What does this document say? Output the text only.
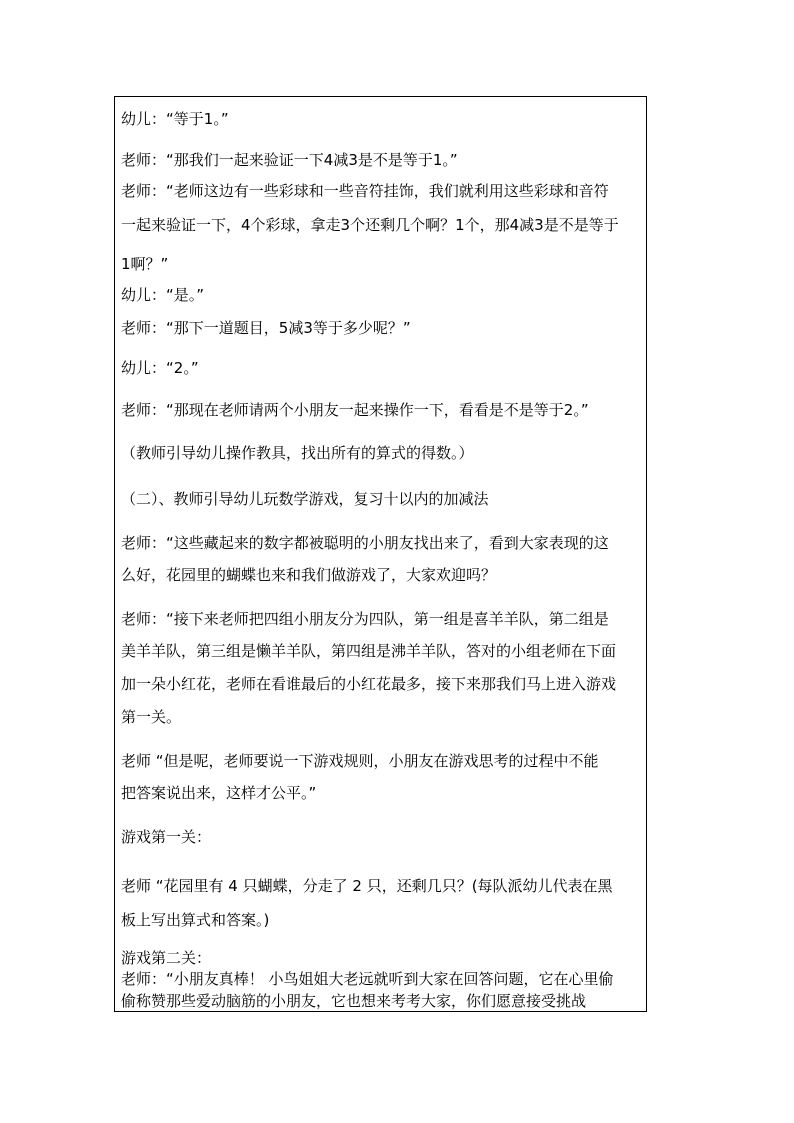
幼儿：“等于1。”
老师：“那我们一起来验证一下4减3是不是等于1。”
老师：“老师这边有一些彩球和一些音符挂饰，我们就利用这些彩球和音符
一起来验证一下，4个彩球，拿走3个还剩几个啊？1个，那4减3是不是等于
1啊？”
幼儿：“是。”
老师：“那下一道题目，5减3等于多少呢？”
幼儿：“2。”
老师：“那现在老师请两个小朋友一起来操作一下，看看是不是等于2。”
（教师引导幼儿操作教具，找出所有的算式的得数。）
（二）、教师引导幼儿玩数学游戏，复习十以内的加减法
老师：“这些藏起来的数字都被聪明的小朋友找出来了，看到大家表现的这
么好，花园里的蝴蝶也来和我们做游戏了，大家欢迎吗？
老师：“接下来老师把四组小朋友分为四队，第一组是喜羊羊队，第二组是
美羊羊队，第三组是懒羊羊队，第四组是沸羊羊队，答对的小组老师在下面
加一朵小红花，老师在看谁最后的小红花最多，接下来那我们马上进入游戏
第一关。
老师 “但是呢，老师要说一下游戏规则，小朋友在游戏思考的过程中不能
把答案说出来，这样才公平。”
游戏第一关：
老师 “花园里有 4 只蝴蝶，分走了 2 只，还剩几只？(每队派幼儿代表在黑
板上写出算式和答案。)
游戏第二关：
老师：“小朋友真棒！ 小鸟姐姐大老远就听到大家在回答问题，它在心里偷
偷称赞那些爱动脑筋的小朋友，它也想来考考大家，你们愿意接受挑战
